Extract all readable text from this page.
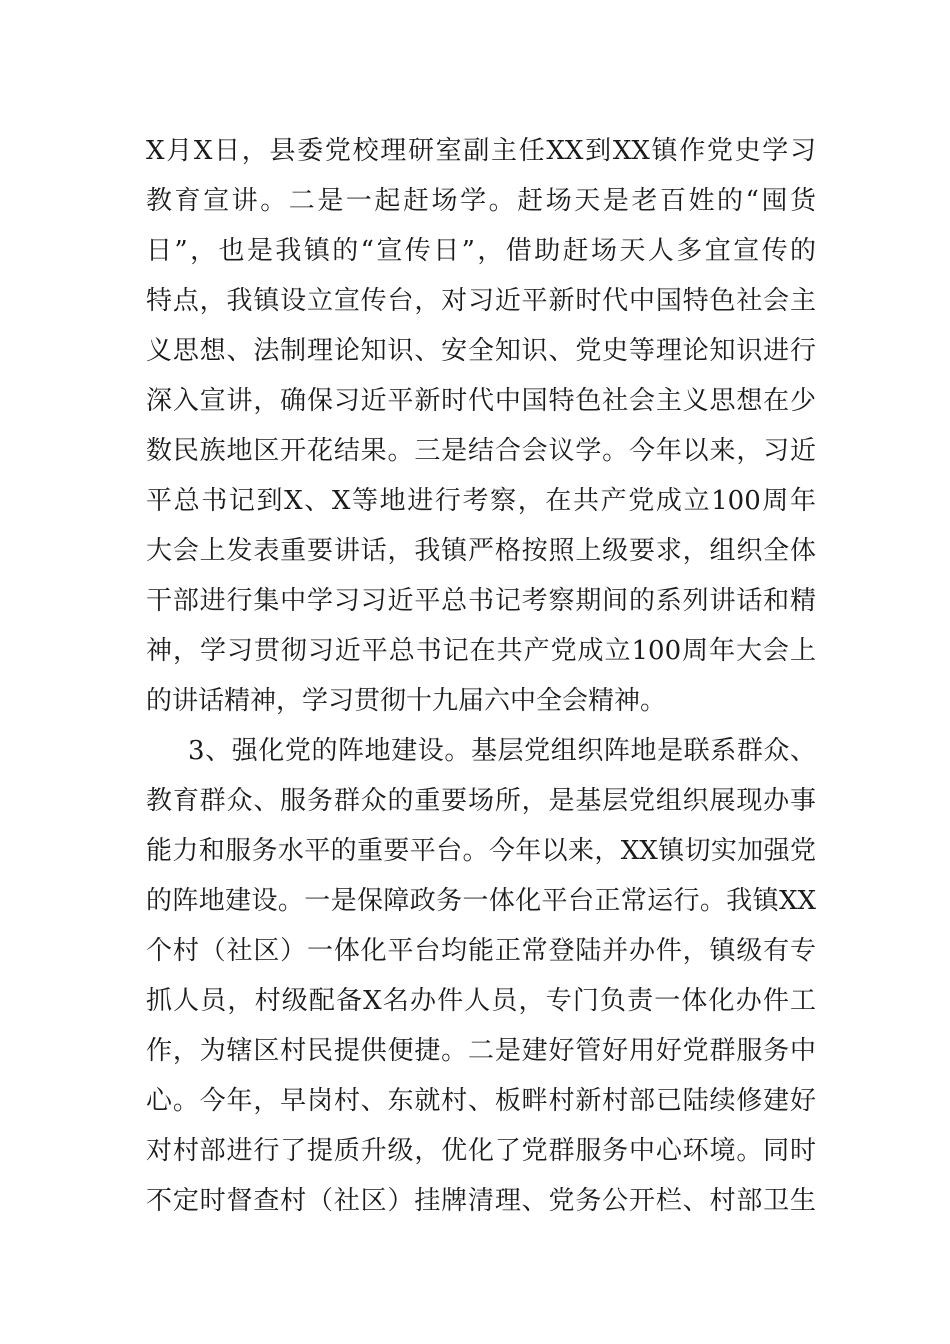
X月X日，县委党校理研室副主任XX到XX镇作党史学习
教育宣讲。二是一起赶场学。赶场天是老百姓的“囤货
日”，也是我镇的“宣传日”，借助赶场天人多宜宣传的
特点，我镇设立宣传台，对习近平新时代中国特色社会主
义思想、法制理论知识、安全知识、党史等理论知识进行
深入宣讲，确保习近平新时代中国特色社会主义思想在少
数民族地区开花结果。三是结合会议学。今年以来，习近
平总书记到X、X等地进行考察，在共产党成立100周年
大会上发表重要讲话，我镇严格按照上级要求，组织全体
干部进行集中学习习近平总书记考察期间的系列讲话和精
神，学习贯彻习近平总书记在共产党成立100周年大会上
的讲话精神，学习贯彻十九届六中全会精神。
3、强化党的阵地建设。基层党组织阵地是联系群众、
教育群众、服务群众的重要场所，是基层党组织展现办事
能力和服务水平的重要平台。今年以来，XX镇切实加强党
的阵地建设。一是保障政务一体化平台正常运行。我镇XX
个村（社区）一体化平台均能正常登陆并办件，镇级有专
抓人员，村级配备X名办件人员，专门负责一体化办件工
作，为辖区村民提供便捷。二是建好管好用好党群服务中
心。今年，早岗村、东就村、板畔村新村部已陆续修建好
对村部进行了提质升级，优化了党群服务中心环境。同时
不定时督查村（社区）挂牌清理、党务公开栏、村部卫生
